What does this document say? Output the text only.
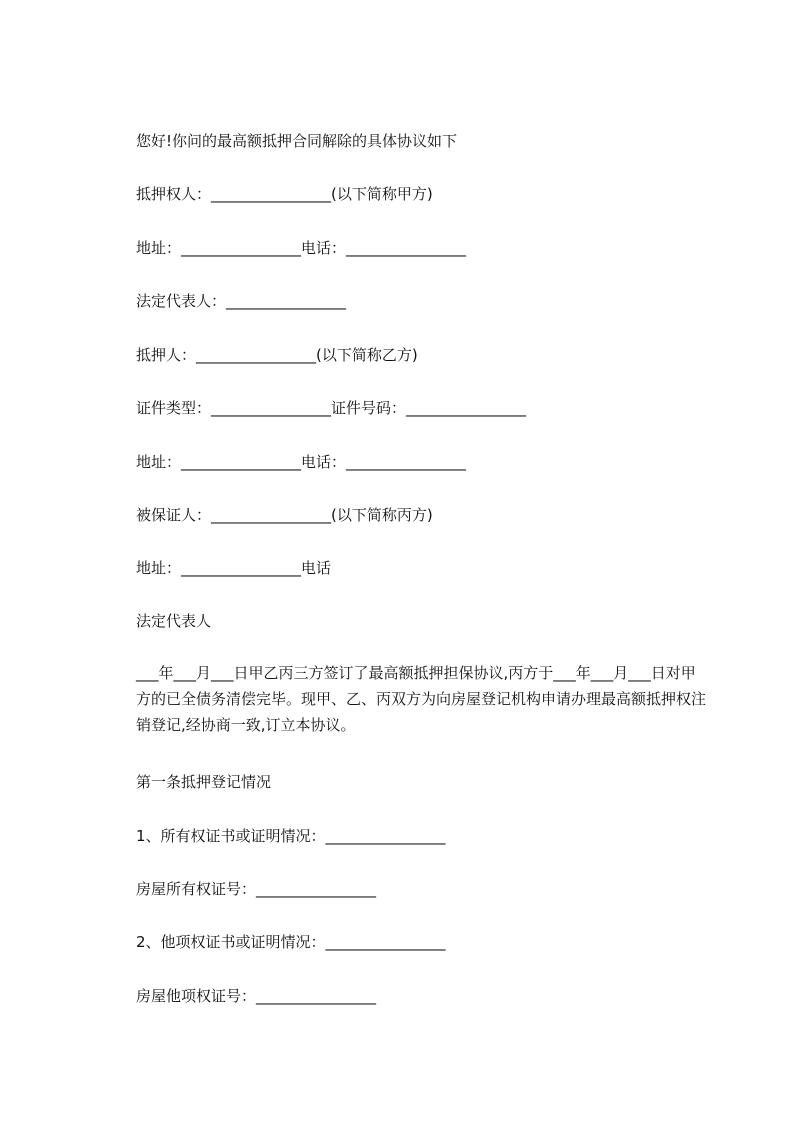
您好!你问的最高额抵押合同解除的具体协议如下

抵押权人：________________(以下简称甲方)

地址：________________电话：________________

法定代表人：________________

抵押人：________________(以下简称乙方)

证件类型：________________证件号码：________________

地址：________________电话：________________

被保证人：________________(以下简称丙方)

地址：________________电话

法定代表人

___年___月___日甲乙丙三方签订了最高额抵押担保协议,丙方于___年___月___日对甲方的已全债务清偿完毕。现甲、乙、丙双方为向房屋登记机构申请办理最高额抵押权注销登记,经协商一致,订立本协议。

第一条抵押登记情况

1、所有权证书或证明情况：________________

房屋所有权证号：________________

2、他项权证书或证明情况：________________

房屋他项权证号：________________
